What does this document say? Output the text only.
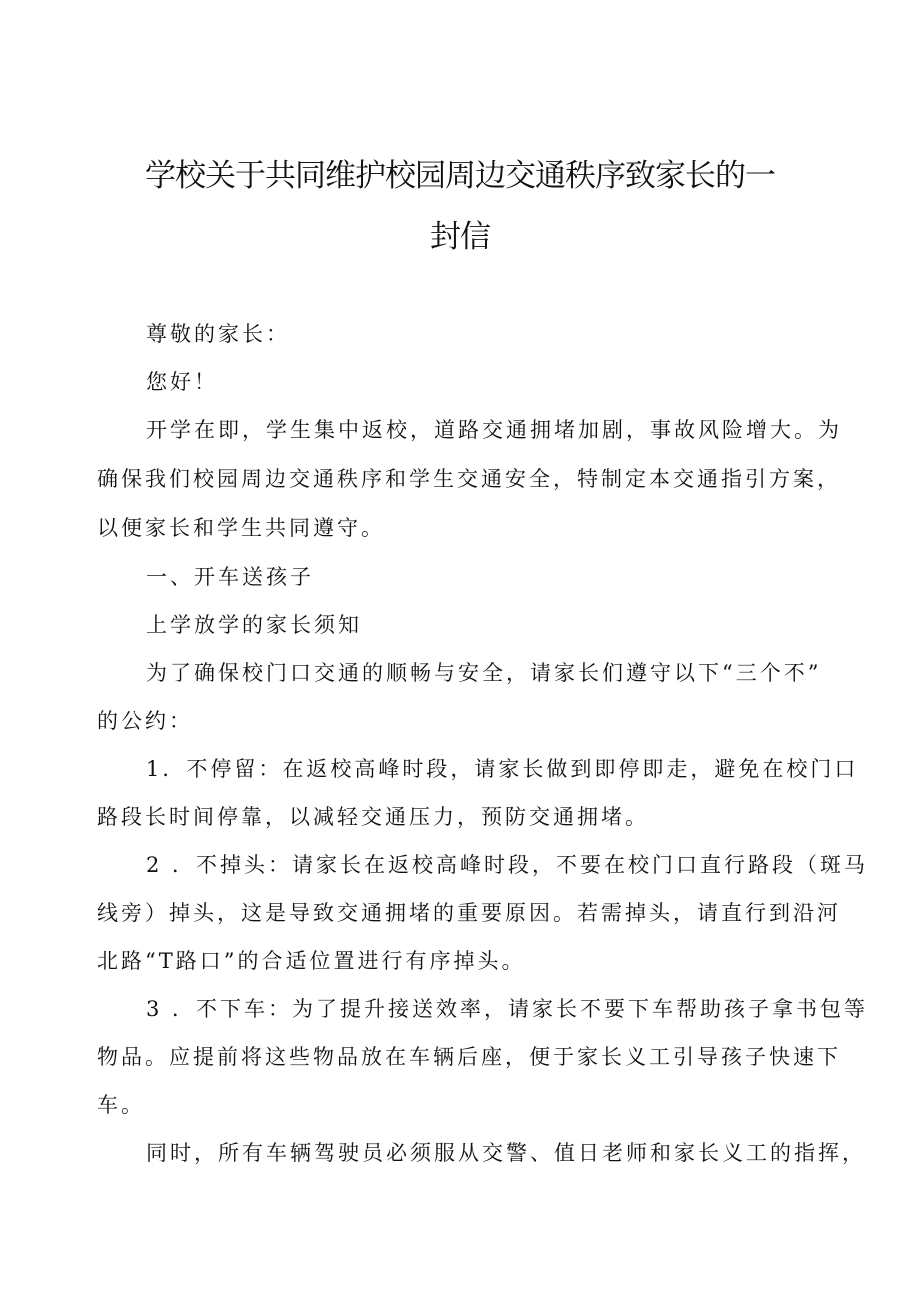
学校关于共同维护校园周边交通秩序致家长的一
封信

尊敬的家长：

您好！

开学在即，学生集中返校，道路交通拥堵加剧，事故风险增大。为

确保我们校园周边交通秩序和学生交通安全，特制定本交通指引方案，

以便家长和学生共同遵守。

一、开车送孩子

上学放学的家长须知

为了确保校门口交通的顺畅与安全，请家长们遵守以下“三个不”

的公约：

1．不停留：在返校高峰时段，请家长做到即停即走，避免在校门口

路段长时间停靠，以减轻交通压力，预防交通拥堵。

2 ．不掉头：请家长在返校高峰时段，不要在校门口直行路段（斑马

线旁）掉头，这是导致交通拥堵的重要原因。若需掉头，请直行到沿河

北路“T路口”的合适位置进行有序掉头。

3 ．不下车：为了提升接送效率，请家长不要下车帮助孩子拿书包等

物品。应提前将这些物品放在车辆后座，便于家长义工引导孩子快速下

车。

同时，所有车辆驾驶员必须服从交警、值日老师和家长义工的指挥，
